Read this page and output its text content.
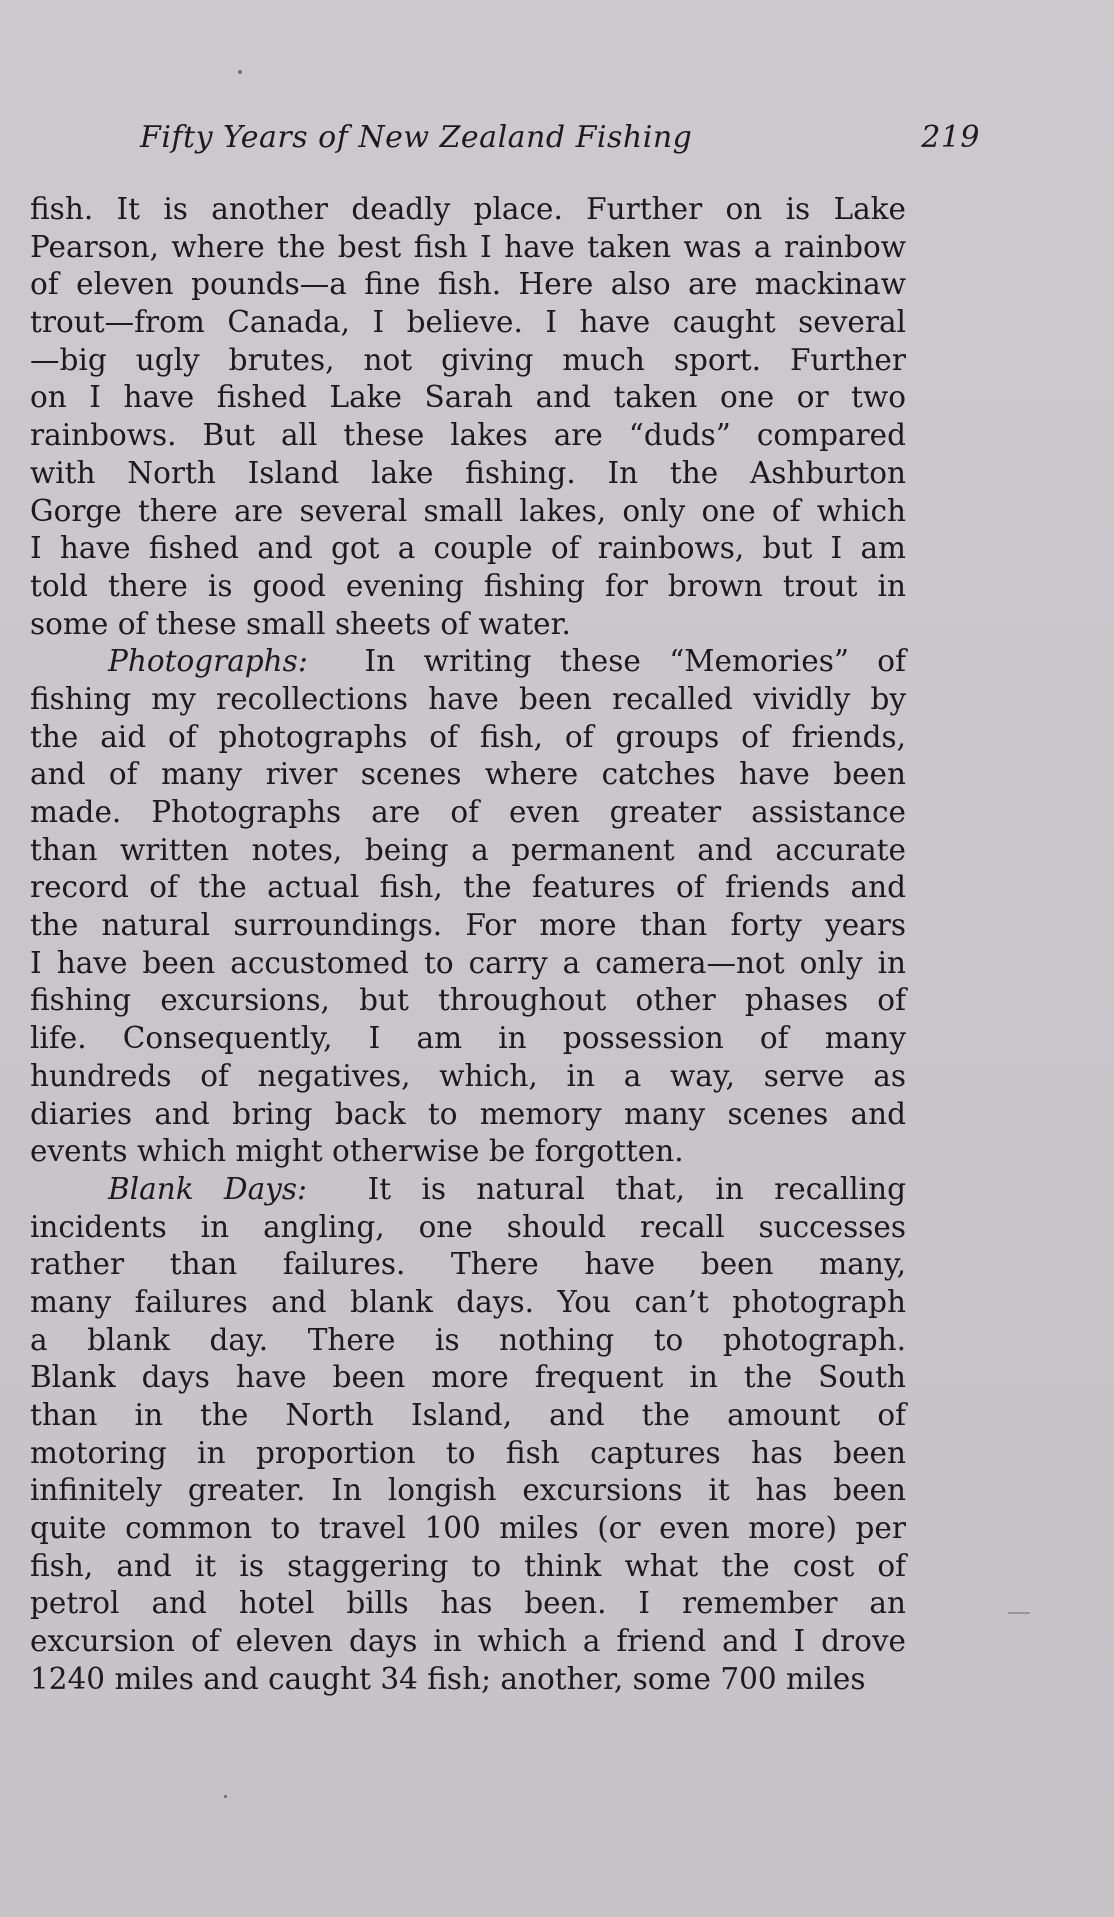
Fifty Years of New Zealand Fishing	219
fish. It is another deadly place. Further on is Lake
Pearson, where the best fish I have taken was a rainbow
of eleven pounds—a fine fish. Here also are mackinaw
trout—from Canada, I believe. I have caught several
—big ugly brutes, not giving much sport. Further
on I have fished Lake Sarah and taken one or two
rainbows. But all these lakes are “duds” compared
with North Island lake fishing. In the Ashburton
Gorge there are several small lakes, only one of which
I have fished and got a couple of rainbows, but I am
told there is good evening fishing for brown trout in
some of these small sheets of water.
Photographs: In writing these “Memories” of
fishing my recollections have been recalled vividly by
the aid of photographs of fish, of groups of friends,
and of many river scenes where catches have been
made. Photographs are of even greater assistance
than written notes, being a permanent and accurate
record of the actual fish, the features of friends and
the natural surroundings. For more than forty years
I have been accustomed to carry a camera—not only in
fishing excursions, but throughout other phases of
life. Consequently, I am in possession of many
hundreds of negatives, which, in a way, serve as
diaries and bring back to memory many scenes and
events which might otherwise be forgotten.
Blank Days: It is natural that, in recalling
incidents in angling, one should recall successes
rather than failures. There have been many,
many failures and blank days. You can’t photograph
a blank day. There is nothing to photograph.
Blank days have been more frequent in the South
than in the North Island, and the amount of
motoring in proportion to fish captures has been
infinitely greater. In longish excursions it has been
quite common to travel 100 miles (or even more) per
fish, and it is staggering to think what the cost of
petrol and hotel bills has been. I remember an
excursion of eleven days in which a friend and I drove
1240 miles and caught 34 fish; another, some 700 miles
